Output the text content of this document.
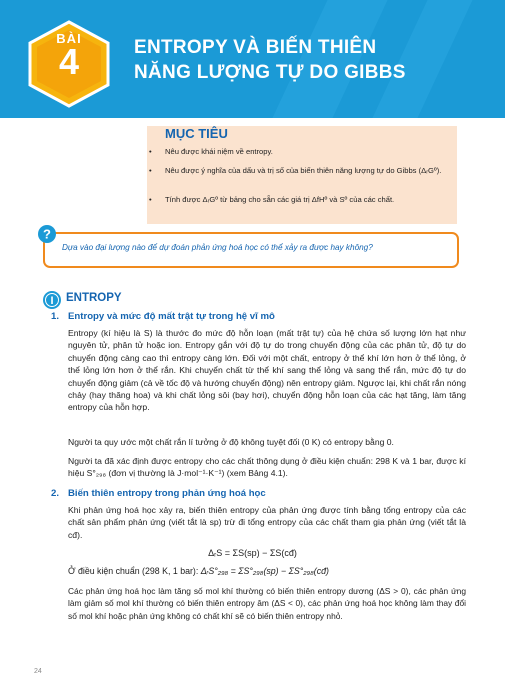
BÀI
4	ENTROPY VÀ BIẾN THIÊN
NĂNG LƯỢNG TỰ DO GIBBS
MỤC TIÊU
• Nêu được khái niệm về entropy.
• Nêu được ý nghĩa của dấu và trị số của biến thiên năng lượng tự do Gibbs (ΔᵣGº).
• Tính được ΔᵣGº từ bảng cho sẵn các giá trị ΔfHº và Sº của các chất.
?
Dựa vào đại lượng nào để dự đoán phản ứng hoá học có thể xảy ra được hay không?
I ENTROPY
1. Entropy và mức độ mất trật tự trong hệ vĩ mô
Entropy (kí hiệu là S) là thước đo mức độ hỗn loạn (mất trật tự) của hệ chứa số lượng lớn hạt như nguyên tử, phân tử hoặc ion. Entropy gắn với độ tự do trong chuyển động của các phân tử, độ tự do chuyển động càng cao thì entropy càng lớn. Đối với một chất, entropy ở thể khí lớn hơn ở thể lỏng, ở thể lỏng lớn hơn ở thể rắn. Khi chuyển chất từ thể khí sang thể lỏng và sang thể rắn, mức độ tự do chuyển động giảm (cả về tốc độ và hướng chuyển động) nên entropy giảm. Ngược lại, khi chất rắn nóng chảy (hay thăng hoa) và khi chất lỏng sôi (bay hơi), chuyển động hỗn loạn của các hạt tăng, làm tăng entropy của hỗn hợp.
Người ta quy ước một chất rắn lí tưởng ở độ không tuyệt đối (0 K) có entropy bằng 0.
Người ta đã xác định được entropy cho các chất thông dụng ở điều kiện chuẩn: 298 K và 1 bar, được kí hiệu S°₂₉₈ (đơn vị thường là J·mol⁻¹·K⁻¹) (xem Bảng 4.1).
2. Biến thiên entropy trong phản ứng hoá học
Khi phản ứng hoá học xảy ra, biến thiên entropy của phản ứng được tính bằng tổng entropy của các chất sản phẩm phản ứng (viết tắt là sp) trừ đi tổng entropy của các chất tham gia phản ứng (viết tắt là cđ).
ΔᵣS = ΣS(sp) − ΣS(cđ)
Ở điều kiện chuẩn (298 K, 1 bar): ΔᵣS°₂₉₈ = ΣS°₂₉₈(sp) − ΣS°₂₉₈(cđ)
Các phản ứng hoá học làm tăng số mol khí thường có biến thiên entropy dương (ΔS > 0), các phản ứng làm giảm số mol khí thường có biến thiên entropy âm (ΔS < 0), các phản ứng hoá học không làm thay đổi số mol khí hoặc phản ứng không có chất khí sẽ có biến thiên entropy nhỏ.
24
